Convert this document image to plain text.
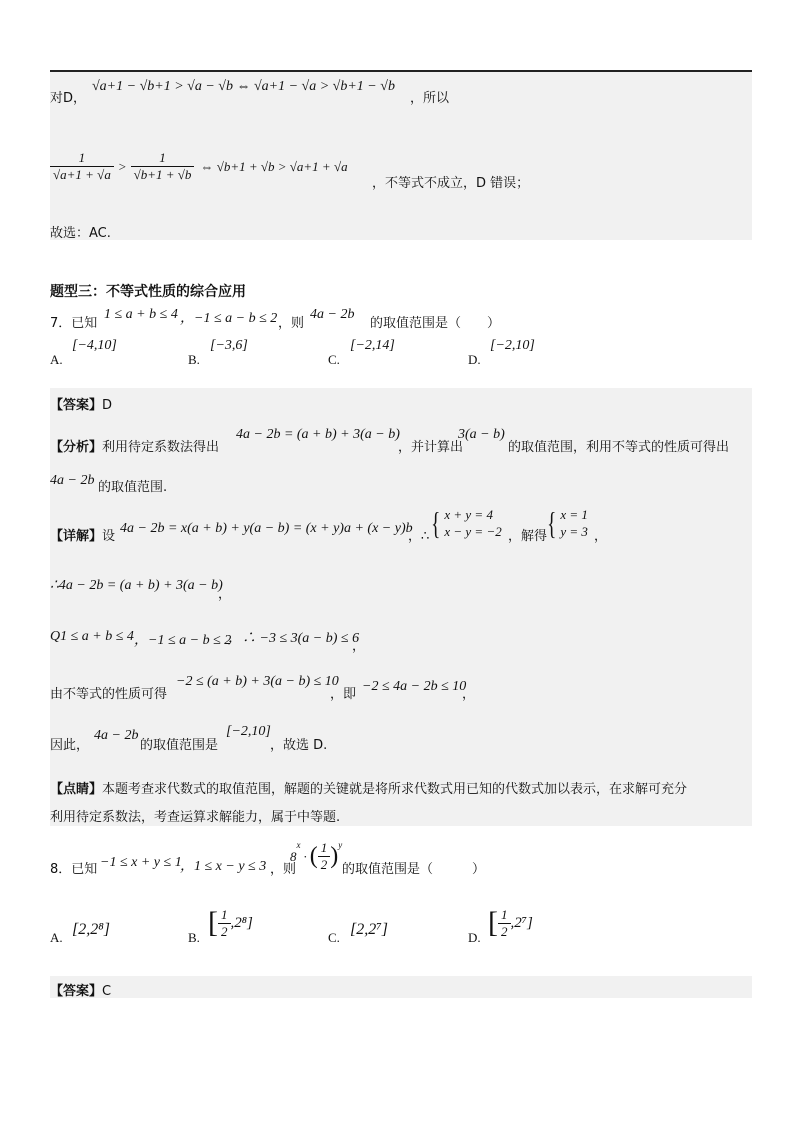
对D，
√a+1 − √b+1 > √a − √b ⇔ √a+1 − √a > √b+1 − √b
，所以
$\frac{1}{√a+1 + √a} > \frac{1}{√b+1 + √b}$ ⇔ √b+1 + √b > √a+1 + √a
，不等式不成立，D 错误；
故选：AC.
题型三：不等式性质的综合应用
7．已知
1 ≤ a + b ≤ 4 ，−1 ≤ a − b ≤ 2 ，则
4a − 2b
的取值范围是（　　）
A.
[−4,10]
B.
[−3,6]
C.
[−2,14]
D.
[−2,10]
【答案】D
【分析】利用待定系数法得出
4a − 2b = (a + b) + 3(a − b)
，并计算出
3(a − b)
的取值范围，利用不等式的性质可得出
4a − 2b 的取值范围.
【详解】设
4a − 2b = x(a + b) + y(a − b) = (x + y)a + (x − y)b
，∴ { x + y = 4
x − y = −2 ，解得 { x = 1
y = 3 ，
∴4a − 2b = (a + b) + 3(a − b)
，
Q1 ≤ a + b ≤ 4 ，−1 ≤ a − b ≤ 2
，∴ −3 ≤ 3(a − b) ≤ 6
，
由不等式的性质可得
−2 ≤ (a + b) + 3(a − b) ≤ 10
，即
−2 ≤ 4a − 2b ≤ 10
，
因此，
4a − 2b
的取值范围是
[−2,10]
，故选 D.
【点睛】本题考查求代数式的取值范围，解题的关键就是将所求代数式用已知的代数式加以表示，在求解可充分
利用待定系数法，考查运算求解能力，属于中等题.
8．已知 −1 ≤ x + y ≤ 1
，1 ≤ x − y ≤ 3 ，则
8
$^x$
· ( $\frac{1}{2} )^y$
的取值范围是（　　　）
A. [2,2⁸]	B. [ $\frac{1}{2} ,2^8$]
C. [2,2⁷]	D. [ $\frac{1}{2} ,2^7$]
【答案】C
